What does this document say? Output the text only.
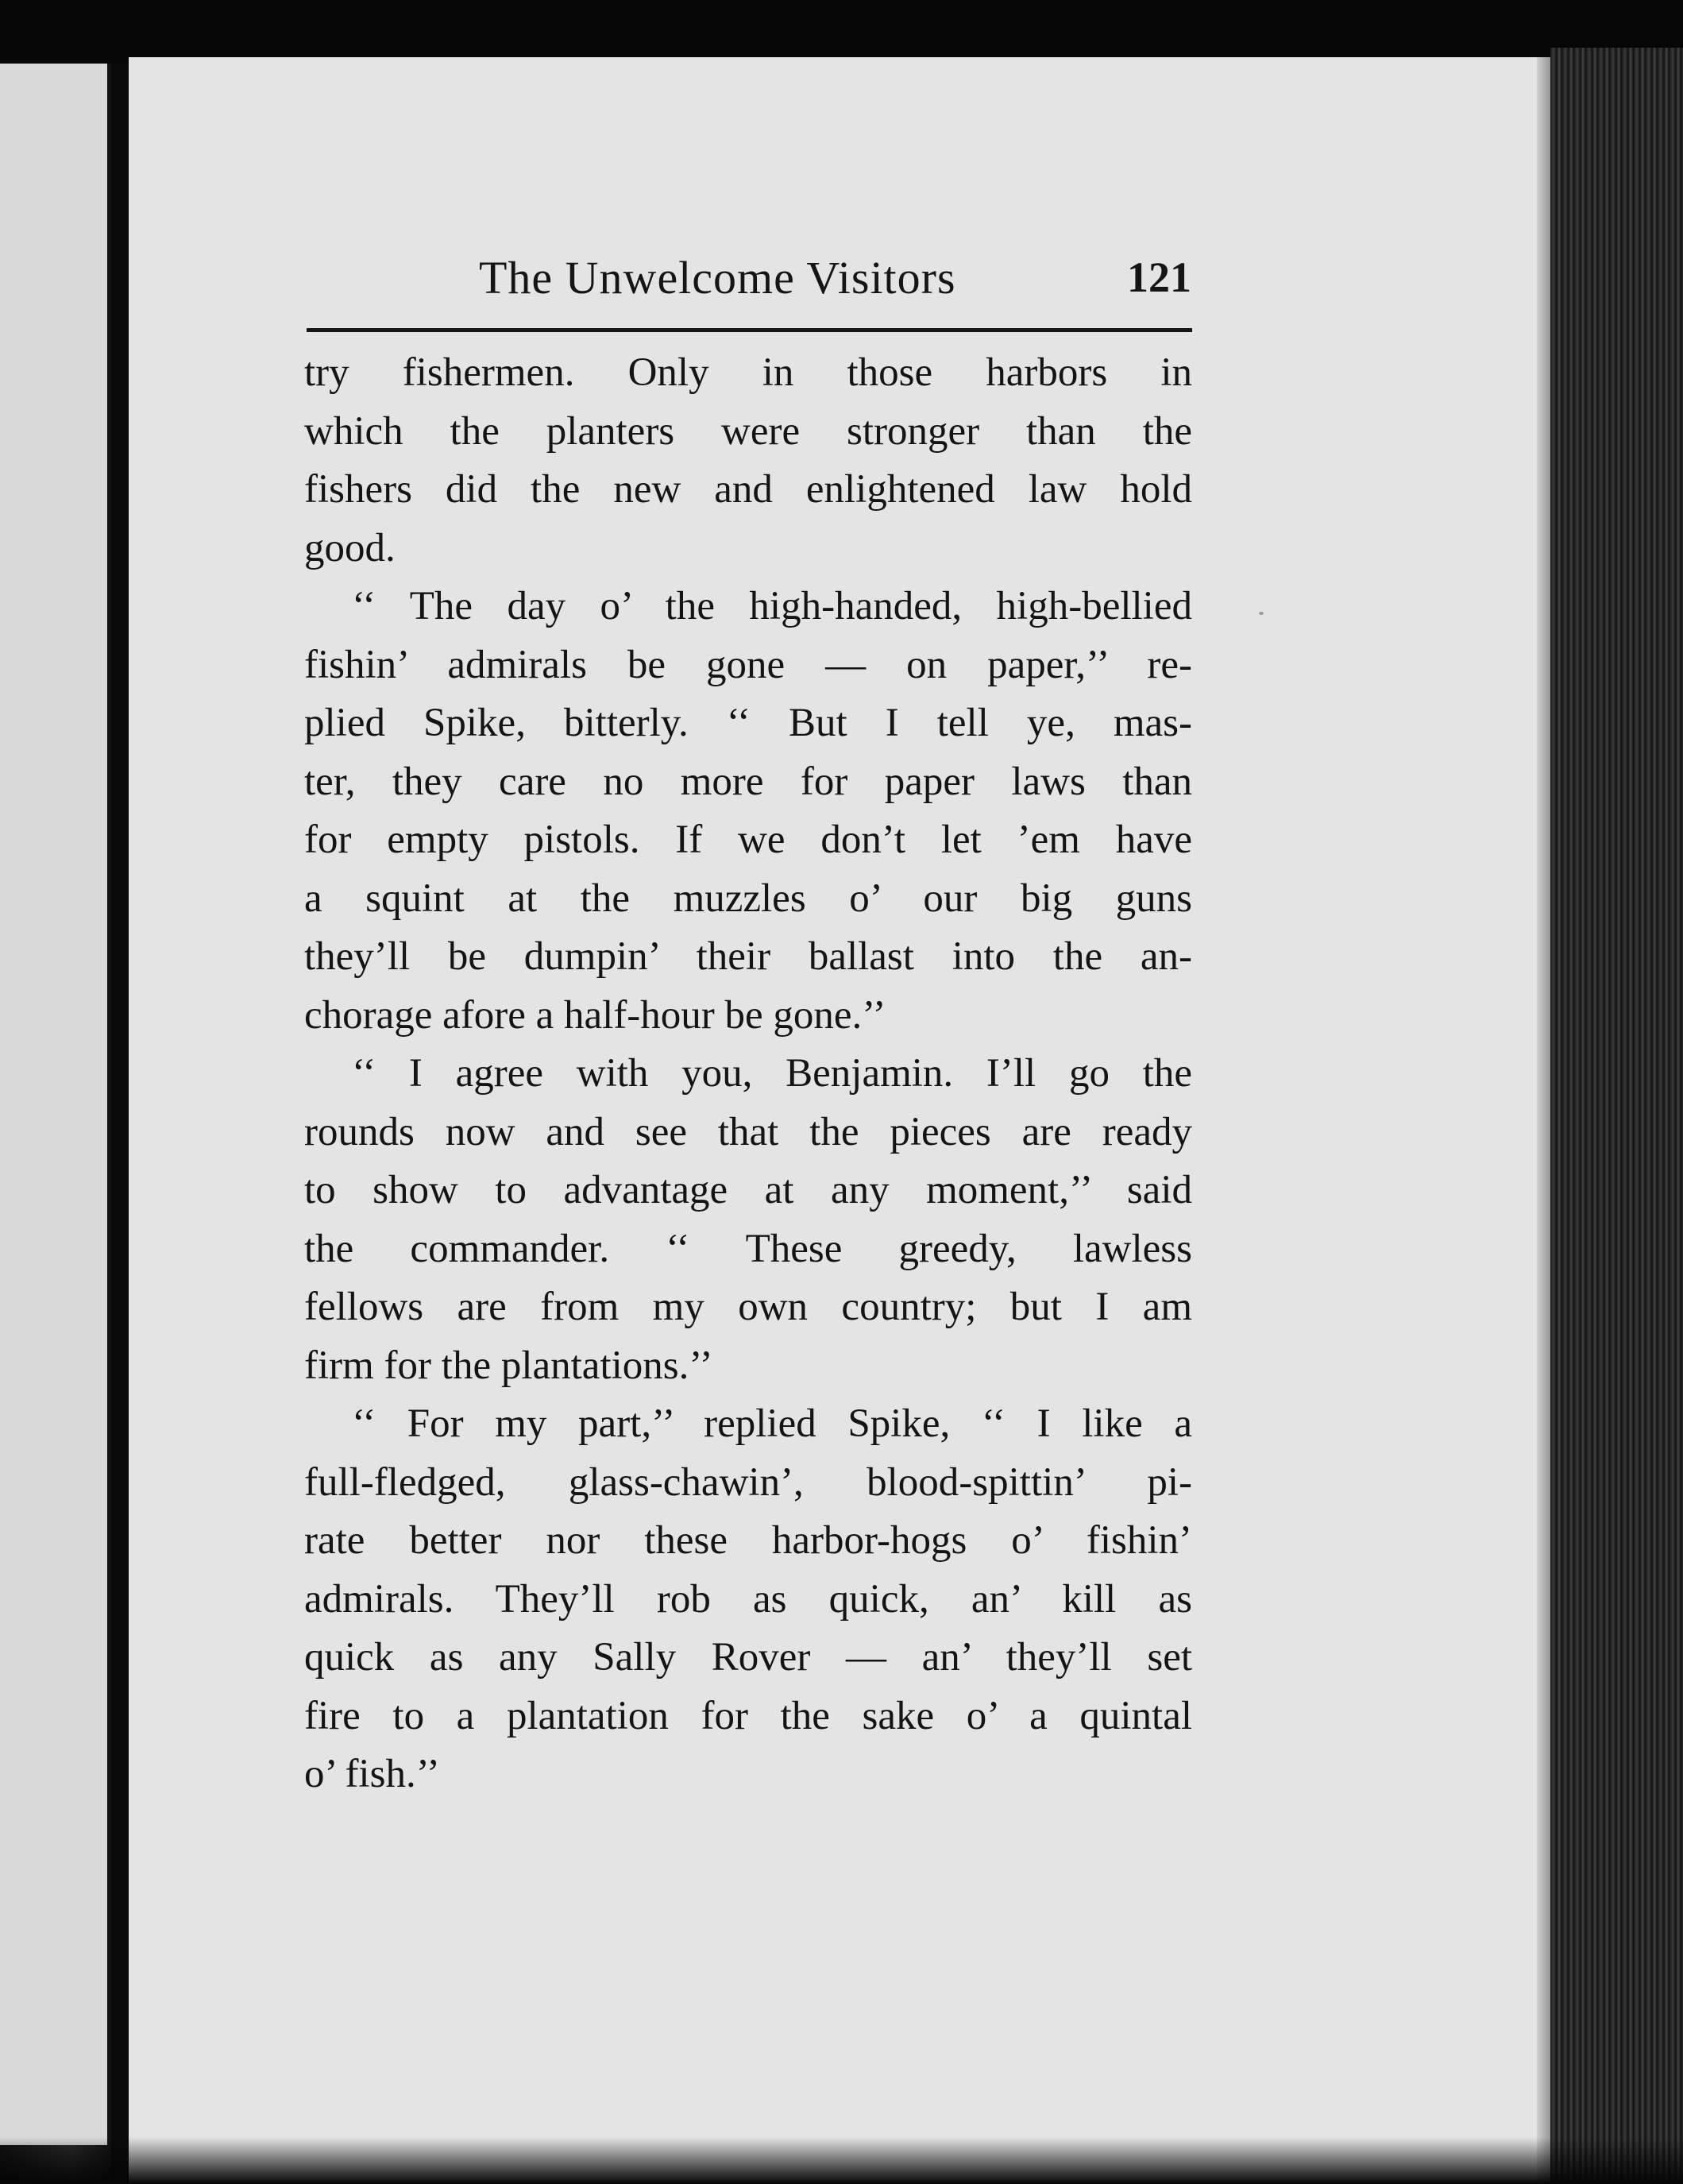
The Unwelcome Visitors	121
try fishermen. Only in those harbors in
which the planters were stronger than the
fishers did the new and enlightened law hold
good.
‘‘ The day o’ the high-handed, high-bellied
fishin’ admirals be gone — on paper,’’ re-
plied Spike, bitterly. ‘‘ But I tell ye, mas-
ter, they care no more for paper laws than
for empty pistols. If we don’t let ’em have
a squint at the muzzles o’ our big guns
they’ll be dumpin’ their ballast into the an-
chorage afore a half-hour be gone.’’
‘‘ I agree with you, Benjamin. I’ll go the
rounds now and see that the pieces are ready
to show to advantage at any moment,’’ said
the commander. ‘‘ These greedy, lawless
fellows are from my own country; but I am
firm for the plantations.’’
‘‘ For my part,’’ replied Spike, ‘‘ I like a
full-fledged, glass-chawin’, blood-spittin’ pi-
rate better nor these harbor-hogs o’ fishin’
admirals. They’ll rob as quick, an’ kill as
quick as any Sally Rover — an’ they’ll set
fire to a plantation for the sake o’ a quintal
o’ fish.’’
